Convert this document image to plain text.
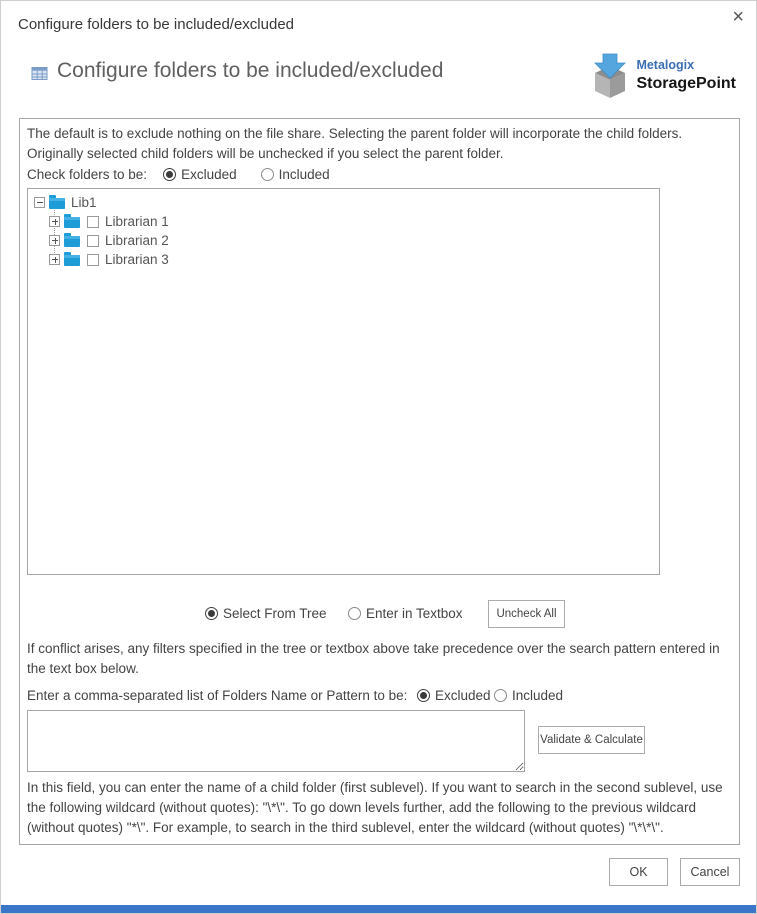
Configure folders to be included/excluded	×
Configure folders to be included/excluded	Metalogix
StoragePoint
The default is to exclude nothing on the file share. Selecting the parent folder will incorporate the child folders. Originally selected child folders will be unchecked if you select the parent folder.
Check folders to be:	Excluded	Included
Lib1
Librarian 1
Librarian 2
Librarian 3
Select From Tree	Enter in Textbox	Uncheck All
If conflict arises, any filters specified in the tree or textbox above take precedence over the search pattern entered in the text box below.
Enter a comma-separated list of Folders Name or Pattern to be: Excluded Included
Validate & Calculate
In this field, you can enter the name of a child folder (first sublevel). If you want to search in the second sublevel, use the following wildcard (without quotes): "\*\". To go down levels further, add the following to the previous wildcard (without quotes) "*\". For example, to search in the third sublevel, enter the wildcard (without quotes) "\*\*\".
OK	Cancel
